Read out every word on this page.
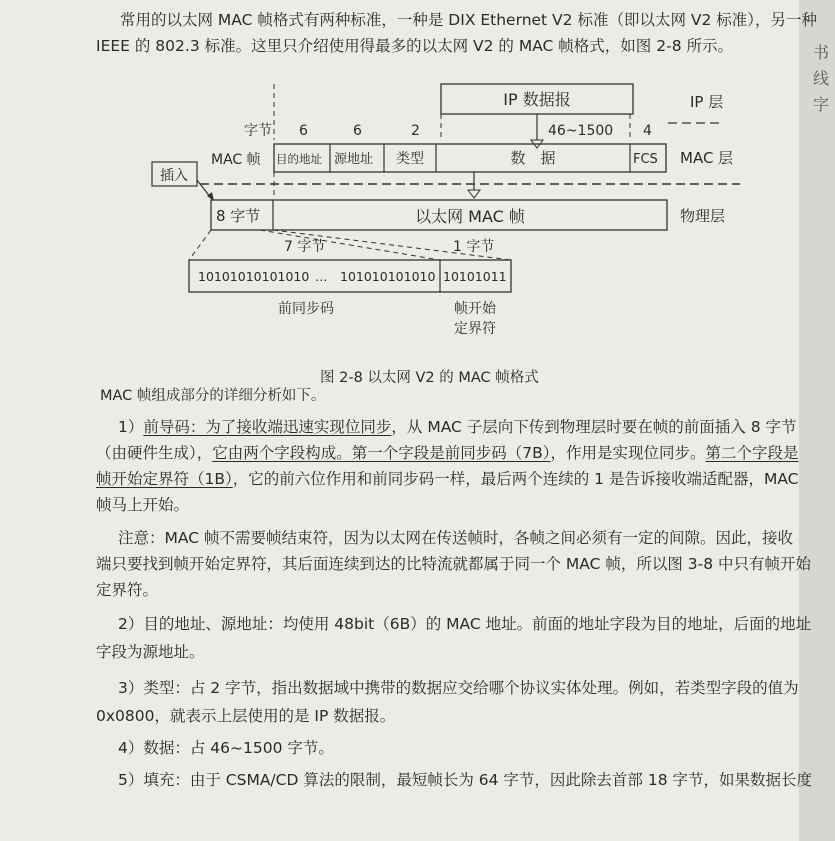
书
线
字
常用的以太网 MAC 帧格式有两种标准，一种是 DIX Ethernet V2 标准（即以太网 V2 标准），另一种
IEEE 的 802.3 标准。这里只介绍使用得最多的以太网 V2 的 MAC 帧格式，如图 2-8 所示。
IP 数据报	IP 层
字节 6	6	2	46~1500 4
MAC 帧 目的地址 源地址 类型	数　据	FCS MAC 层
插入
8 字节	以太网 MAC 帧	物理层
7 字节	1 字节
10101010101010 … 101010101010 10101011
前同步码	帧开始
定界符
图 2-8 以太网 V2 的 MAC 帧格式
MAC 帧组成部分的详细分析如下。
1）前导码：为了接收端迅速实现位同步，从 MAC 子层向下传到物理层时要在帧的前面插入 8 字节
（由硬件生成），它由两个字段构成。第一个字段是前同步码（7B），作用是实现位同步。第二个字段是
帧开始定界符（1B），它的前六位作用和前同步码一样，最后两个连续的 1 是告诉接收端适配器，MAC
帧马上开始。
注意：MAC 帧不需要帧结束符，因为以太网在传送帧时，各帧之间必须有一定的间隙。因此，接收
端只要找到帧开始定界符，其后面连续到达的比特流就都属于同一个 MAC 帧，所以图 3-8 中只有帧开始
定界符。
2）目的地址、源地址：均使用 48bit（6B）的 MAC 地址。前面的地址字段为目的地址，后面的地址
字段为源地址。
3）类型：占 2 字节，指出数据域中携带的数据应交给哪个协议实体处理。例如，若类型字段的值为
0x0800，就表示上层使用的是 IP 数据报。
4）数据：占 46~1500 字节。
5）填充：由于 CSMA/CD 算法的限制，最短帧长为 64 字节，因此除去首部 18 字节，如果数据长度
